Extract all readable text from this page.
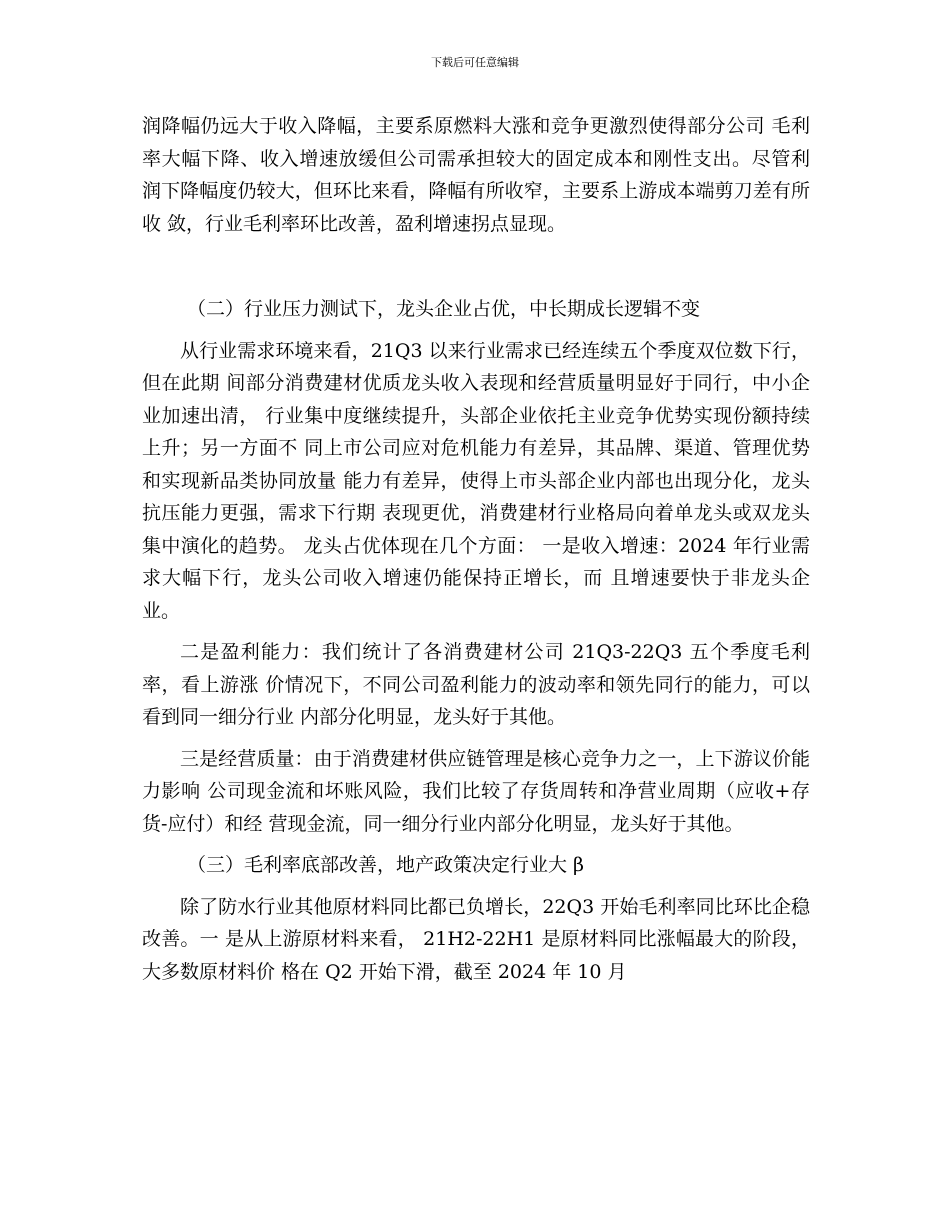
下载后可任意编辑

润降幅仍远大于收入降幅，主要系原燃料大涨和竞争更激烈使得部分公司 毛利率大幅下降、收入增速放缓但公司需承担较大的固定成本和刚性支出。尽管利 润下降幅度仍较大，但环比来看，降幅有所收窄，主要系上游成本端剪刀差有所收 敛，行业毛利率环比改善，盈利增速拐点显现。

（二）行业压力测试下，龙头企业占优，中长期成长逻辑不变

从行业需求环境来看，21Q3 以来行业需求已经连续五个季度双位数下行，但在此期 间部分消费建材优质龙头收入表现和经营质量明显好于同行，中小企业加速出清， 行业集中度继续提升，头部企业依托主业竞争优势实现份额持续上升；另一方面不 同上市公司应对危机能力有差异，其品牌、渠道、管理优势和实现新品类协同放量 能力有差异，使得上市头部企业内部也出现分化，龙头抗压能力更强，需求下行期 表现更优，消费建材行业格局向着单龙头或双龙头集中演化的趋势。 龙头占优体现在几个方面： 一是收入增速：2024 年行业需求大幅下行，龙头公司收入增速仍能保持正增长，而 且增速要快于非龙头企业。

二是盈利能力：我们统计了各消费建材公司 21Q3-22Q3 五个季度毛利率，看上游涨 价情况下，不同公司盈利能力的波动率和领先同行的能力，可以看到同一细分行业 内部分化明显，龙头好于其他。

三是经营质量：由于消费建材供应链管理是核心竞争力之一，上下游议价能力影响 公司现金流和坏账风险，我们比较了存货周转和净营业周期（应收+存货-应付）和经 营现金流，同一细分行业内部分化明显，龙头好于其他。

（三）毛利率底部改善，地产政策决定行业大 β

除了防水行业其他原材料同比都已负增长，22Q3 开始毛利率同比环比企稳改善。一 是从上游原材料来看， 21H2-22H1 是原材料同比涨幅最大的阶段，大多数原材料价 格在 Q2 开始下滑，截至 2024 年 10 月
